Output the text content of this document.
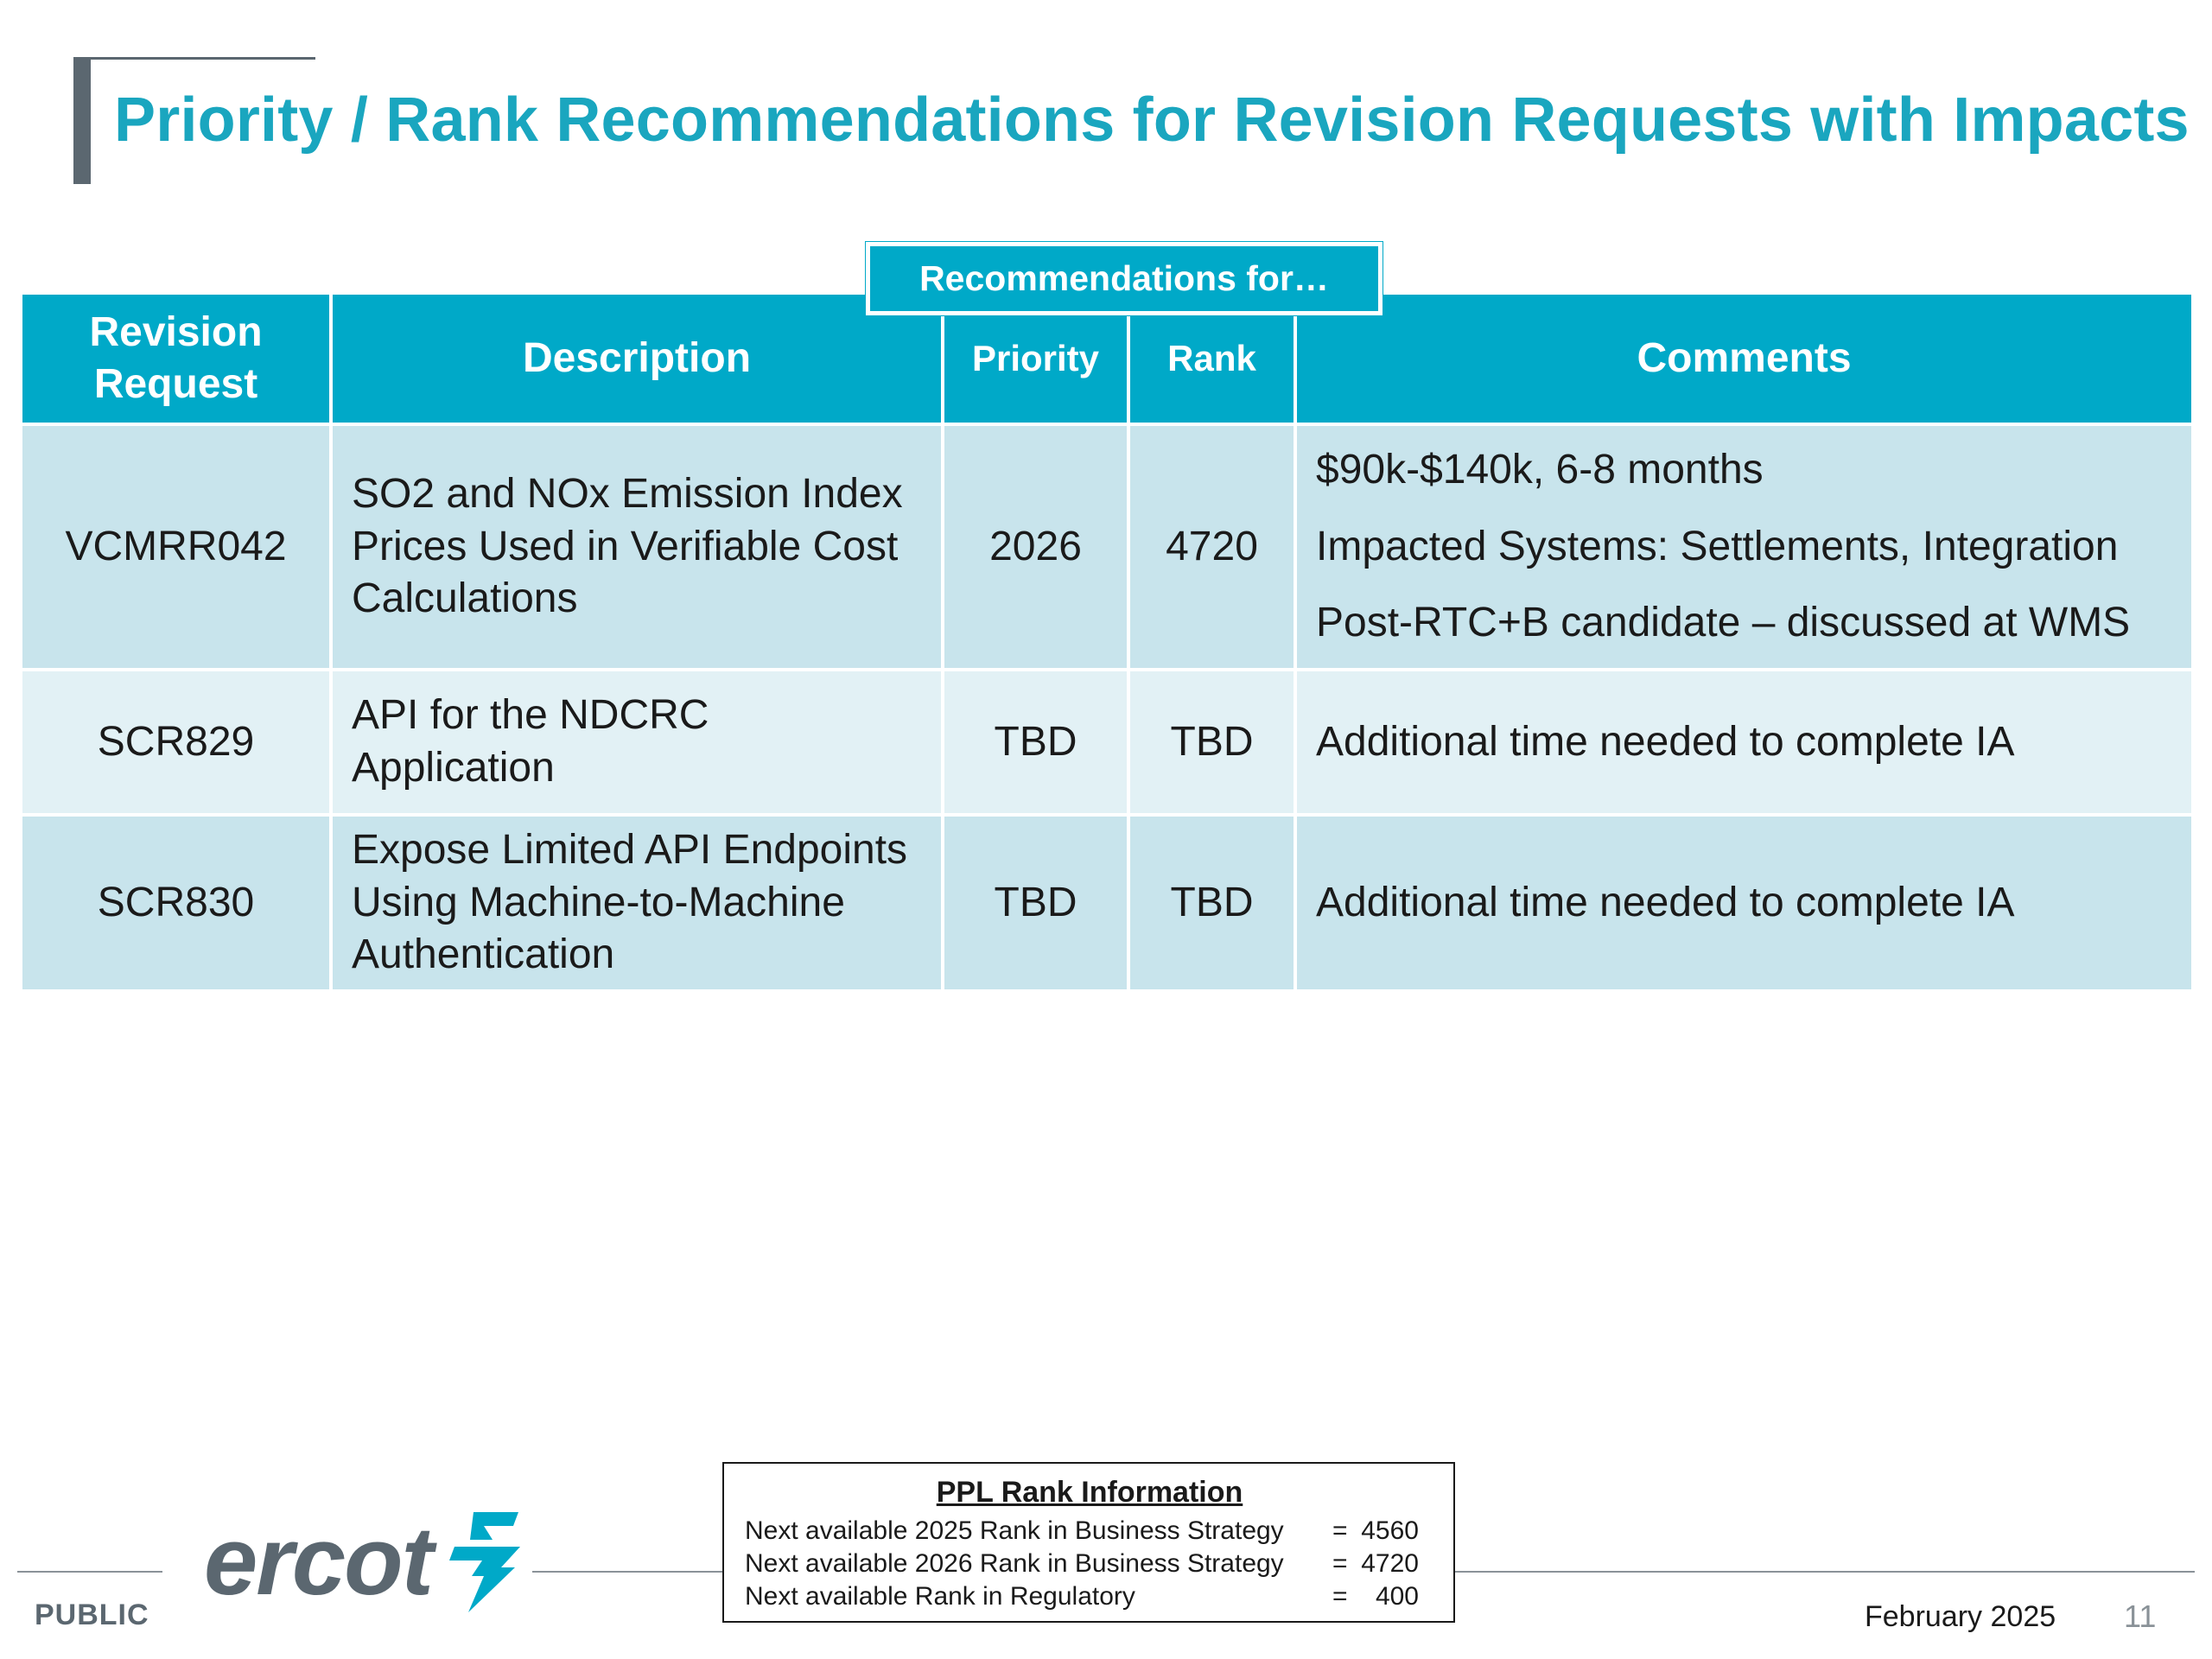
Priority / Rank Recommendations for Revision Requests with Impacts
Revision Request	Description	Priority	Rank	Comments
VCMRR042	SO2 and NOx Emission Index Prices Used in Verifiable Cost Calculations	2026	4720	$90k-$140k, 6-8 months
Impacted Systems: Settlements, Integration
Post-RTC+B candidate – discussed at WMS

SCR829	API for the NDCRC Application	TBD	TBD	Additional time needed to complete IA

SCR830	Expose Limited API Endpoints Using Machine-to-Machine Authentication	TBD	TBD	Additional time needed to complete IA
Recommendations for…
PUBLIC ercot
PPL Rank Information
Next available 2025 Rank in Business Strategy	= 4560
Next available 2026 Rank in Business Strategy	= 4720
Next available Rank in Regulatory	=	400
February 2025 11
